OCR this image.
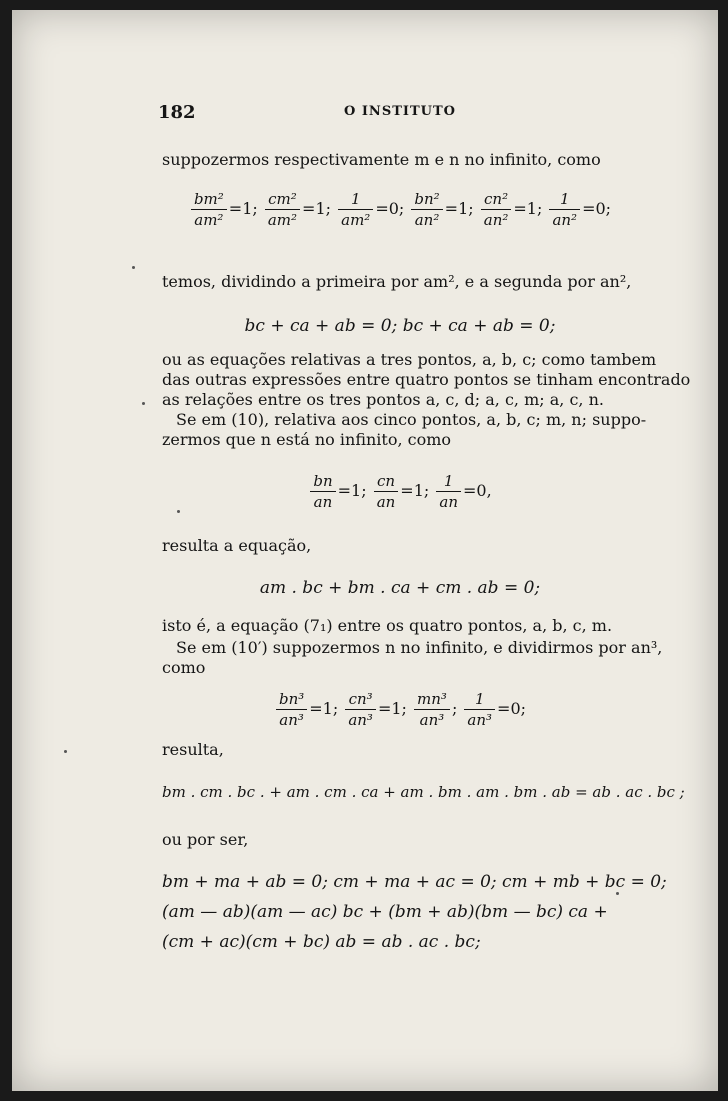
182	O INSTITUTO
suppozermos respectivamente m e n no infinito, como
$\frac{\text{bm²}}{\text{am²}} =1$; $\frac{\text{cm²}}{\text{am²}} =1$; $\frac{1}{\text{am²}} =0$; $\frac{\text{bn²}}{\text{an²}} =1$; $\frac{\text{cn²}}{\text{an²}} =1$; $\frac{1}{\text{an²}} =0$;
temos, dividindo a primeira por am², e a segunda por an²,
bc + ca + ab = 0; bc + ca + ab = 0;
ou as equações relativas a tres pontos, a, b, c; como tambem
das outras expressões entre quatro pontos se tinham encontrado
as relações entre os tres pontos a, c, d; a, c, m; a, c, n.
Se em (10), relativa aos cinco pontos, a, b, c; m, n; suppo-
zermos que n está no infinito, como
$\frac{bn}{an} =1$; $\frac{cn}{an} =1$; $\frac{1}{an} =0$,
resulta a equação,
am . bc + bm . ca + cm . ab = 0;
isto é, a equação (7₁) entre os quatro pontos, a, b, c, m.
Se em (10′) suppozermos n no infinito, e dividirmos por an³,
como
$\frac{\text{bn³}}{\text{an³}} =1$; $\frac{\text{cn³}}{\text{an³}} =1$; $\frac{\text{mn³}}{\text{an³}}$ ; $\frac{1}{\text{an³}} =0$;
resulta,
bm . cm . bc . + am . cm . ca + am . bm . am . bm . ab = ab . ac . bc ;
ou por ser,
bm + ma + ab = 0; cm + ma + ac = 0; cm + mb + bc = 0;
(am — ab)(am — ac) bc + (bm + ab)(bm — bc) ca +
(cm + ac)(cm + bc) ab = ab . ac . bc;
